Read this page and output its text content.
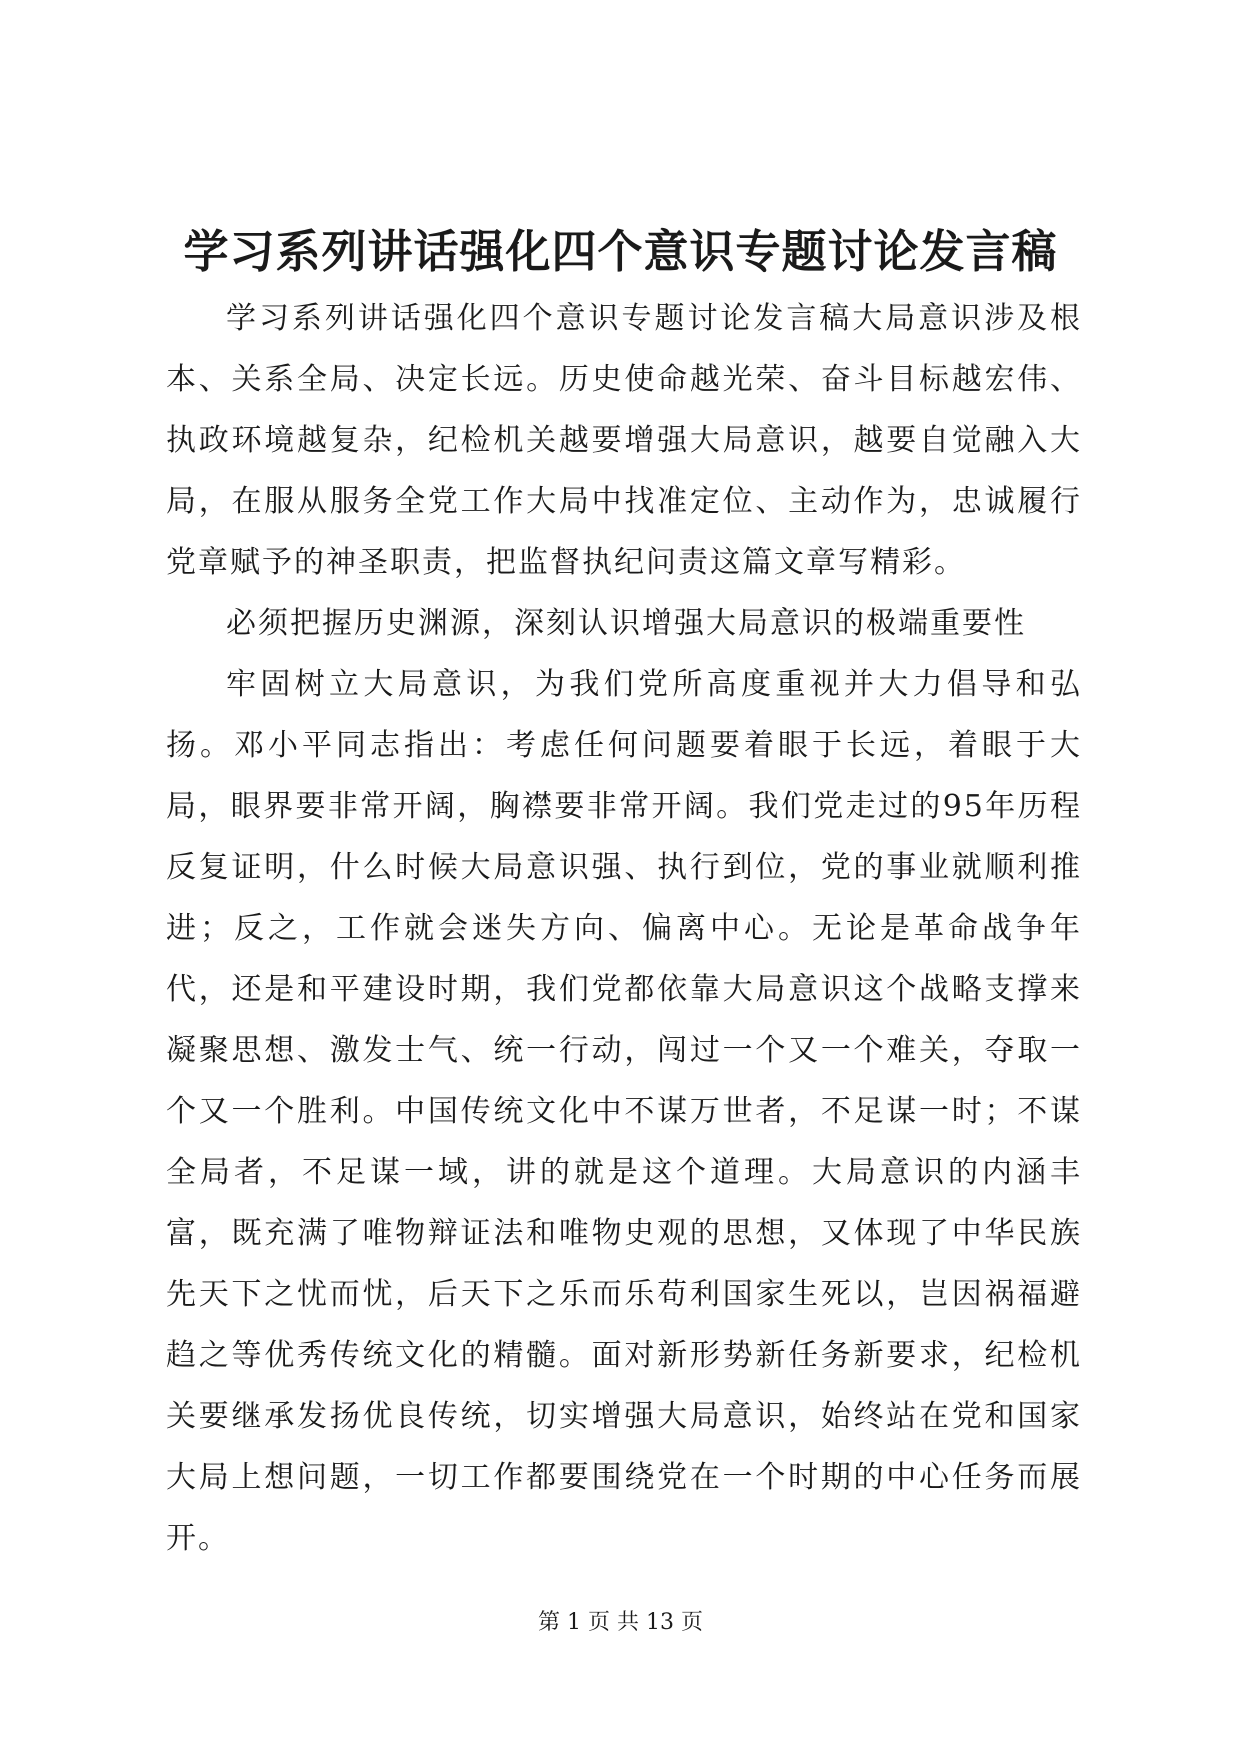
学习系列讲话强化四个意识专题讨论发言稿

学习系列讲话强化四个意识专题讨论发言稿大局意识涉及根本、关系全局、决定长远。历史使命越光荣、奋斗目标越宏伟、执政环境越复杂，纪检机关越要增强大局意识，越要自觉融入大局，在服从服务全党工作大局中找准定位、主动作为，忠诚履行党章赋予的神圣职责，把监督执纪问责这篇文章写精彩。

必须把握历史渊源，深刻认识增强大局意识的极端重要性

牢固树立大局意识，为我们党所高度重视并大力倡导和弘扬。邓小平同志指出：考虑任何问题要着眼于长远，着眼于大局，眼界要非常开阔，胸襟要非常开阔。我们党走过的95年历程反复证明，什么时候大局意识强、执行到位，党的事业就顺利推进；反之，工作就会迷失方向、偏离中心。无论是革命战争年代，还是和平建设时期，我们党都依靠大局意识这个战略支撑来凝聚思想、激发士气、统一行动，闯过一个又一个难关，夺取一个又一个胜利。中国传统文化中不谋万世者，不足谋一时；不谋全局者，不足谋一域，讲的就是这个道理。大局意识的内涵丰富，既充满了唯物辩证法和唯物史观的思想，又体现了中华民族先天下之忧而忧，后天下之乐而乐苟利国家生死以，岂因祸福避趋之等优秀传统文化的精髓。面对新形势新任务新要求，纪检机关要继承发扬优良传统，切实增强大局意识，始终站在党和国家大局上想问题，一切工作都要围绕党在一个时期的中心任务而展开。

第 1 页 共 13 页
